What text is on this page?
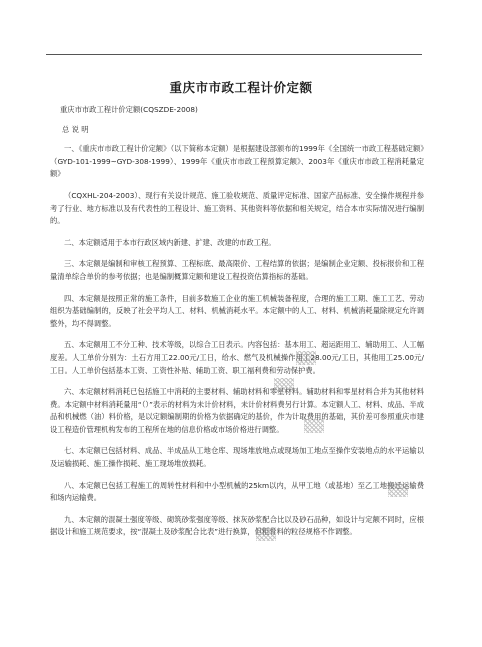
重庆市市政工程计价定额

重庆市市政工程计价定额(CQSZDE-2008)

总 说 明

一、《重庆市市政工程计价定额》（以下简称本定额）是根据建设部颁布的1999年《全国统一市政工程基础定额》（GYD-101-1999~GYD-308-1999）、1999年《重庆市市政工程预算定额》、2003年《重庆市市政工程消耗量定额》

（CQXHL-204-2003）、现行有关设计规范、施工验收规范、质量评定标准、国家产品标准、安全操作规程并参考了行业、地方标准以及有代表性的工程设计、施工资料、其他资料等依据和相关规定，结合本市实际情况进行编制的。

二、本定额适用于本市行政区域内新建、扩建、改建的市政工程。

三、本定额是编制和审核工程预算、工程标底、最高限价、工程结算的依据；是编制企业定额、投标报价和工程量清单综合单价的参考依据；也是编制概算定额和建设工程投资估算指标的基础。

四、本定额是按照正常的施工条件，目前多数施工企业的施工机械装备程度，合理的施工工期、施工工艺、劳动组织为基础编制的，反映了社会平均人工、材料、机械消耗水平。本定额中的人工、材料、机械消耗量除规定允许调整外，均不得调整。

五、本定额用工不分工种、技术等级，以综合工日表示。内容包括：基本用工、超运距用工、辅助用工、人工幅度差。人工单价分别为：土石方用工22.00元/工日，给水、燃气及机械操作用工28.00元/工日，其他用工25.00元/工日。人工单价包括基本工资、工资性补贴、辅助工资、职工福利费和劳动保护费。

六、本定额材料消耗已包括施工中消耗的主要材料、辅助材料和零星材料。辅助材料和零星材料合并为其他材料费。本定额中材料消耗量用“（）”表示的材料为未计价材料，未计价材料费另行计算。本定额人工、材料、成品、半成品和机械燃（油）料价格，是以定额编制期的价格为依据确定的基价，作为计取费用的基础，其价差可参照重庆市建设工程造价管理机构发布的工程所在地的信息价格或市场价格进行调整。

七、本定额已包括材料、成品、半成品从工地仓库、现场堆放地点或现场加工地点至操作安装地点的水平运输以及运输损耗、施工操作损耗、施工现场堆放损耗。

八、本定额已包括工程施工的周转性材料和中小型机械的25km以内，从甲工地（或基地）至乙工地搬迁运输费和场内运输费。

九、本定额的混凝土强度等级、砌筑砂浆强度等级、抹灰砂浆配合比以及砂石品种，如设计与定额不同时，应根据设计和施工规范要求，按“混凝土及砂浆配合比表”进行换算，但粗骨料的粒径规格不作调整。
